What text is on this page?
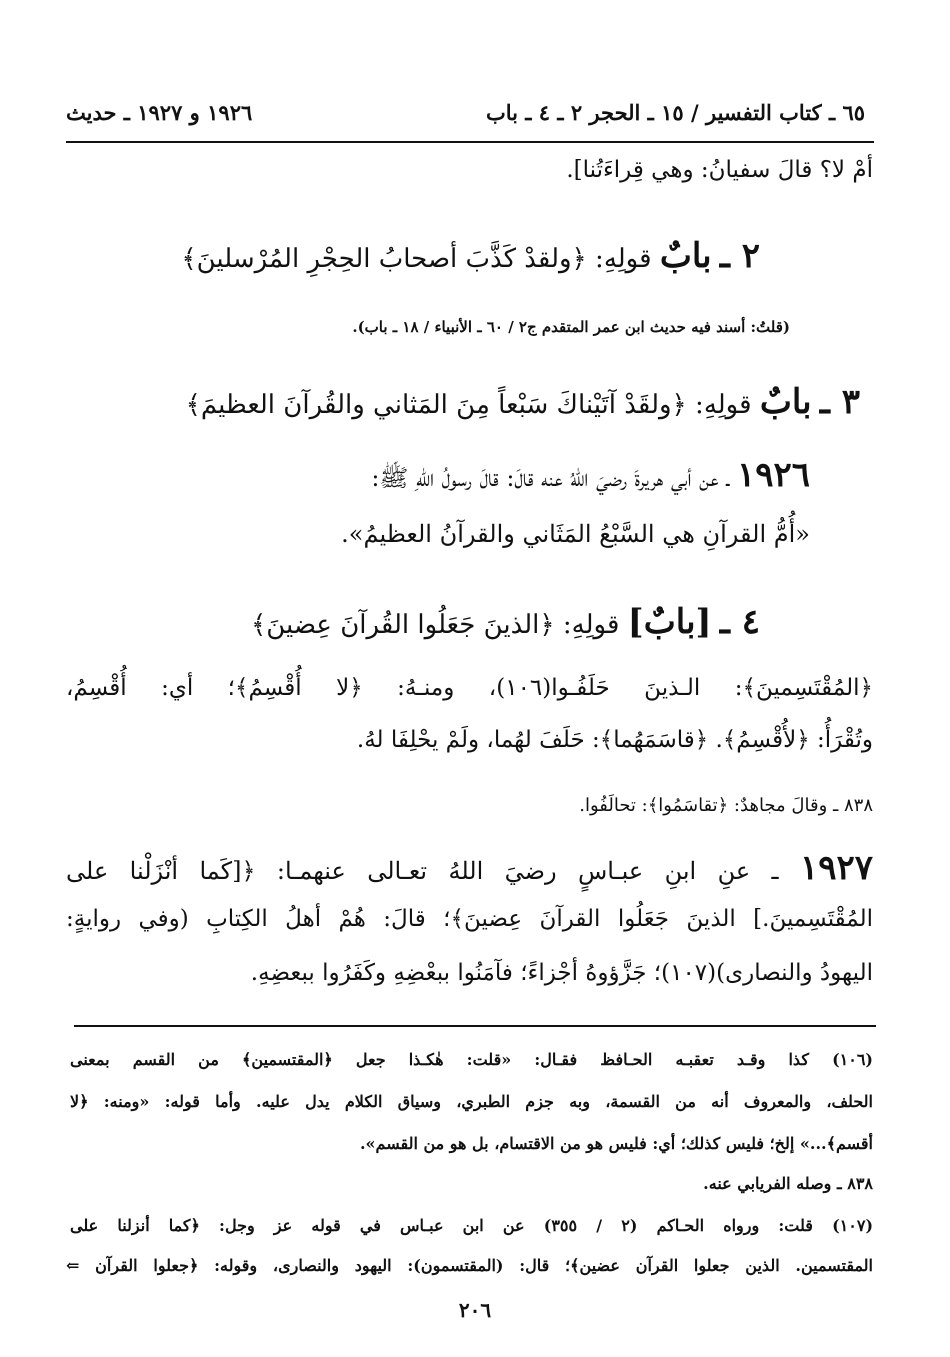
٦٥ ـ كتاب التفسير / ١٥ ـ الحجر ٢ ـ ٤ ـ باب
١٩٢٦ و ١٩٢٧ ـ حديث
أمْ لا؟ قالَ سفيانُ: وهي قِراءَتُنا].
٢ ـ بابٌ قولِهِ: ﴿ولقدْ كَذَّبَ أصحابُ الحِجْرِ المُرْسلينَ﴾
(قلتُ: أسند فيه حديث ابن عمر المتقدم ج٢ / ٦٠ ـ الأنبياء / ١٨ ـ باب).
٣ ـ بابٌ قولِهِ: ﴿ولقَدْ آتَيْناكَ سَبْعاً مِنَ المَثاني والقُرآنَ العظيمَ﴾
١٩٢٦ ـ عن أبي هريرةَ رضيَ اللهُ عنه قالَ: قالَ رسولُ اللهِ ﷺ:
«أُمُّ القرآنِ هي السَّبْعُ المَثَاني والقرآنُ العظيمُ».
٤ ـ [بابٌ] قولِهِ: ﴿الذينَ جَعَلُوا القُرآنَ عِضينَ﴾
﴿المُقْتَسِمينَ﴾: الـذينَ حَلَفُـوا(١٠٦)، ومنـهُ: ﴿لا أُقْسِمُ﴾؛ أي: أُقْسِمُ،
وتُقْرَأُ: ﴿لأُقْسِمُ﴾. ﴿قاسَمَهُما﴾: حَلَفَ لهُما، ولَمْ يحْلِفَا لهُ.
٨٣٨ ـ وقالَ مجاهدٌ: ﴿تقاسَمُوا﴾: تحالَفُوا.
١٩٢٧ ـ عنِ ابنِ عبـاسٍ رضيَ اللهُ تعـالى عنهمـا: ﴿[كَما أنْزَلْنا على
المُقْتَسِمينَ.] الذينَ جَعَلُوا القرآنَ عِضينَ﴾؛ قالَ: هُمْ أهلُ الكِتابِ (وفي روايةٍ:
اليهودُ والنصارى)(١٠٧)؛ جَزَّؤوهُ أجْزاءً؛ فآمَنُوا ببعْضِهِ وكَفَرُوا ببعضِهِ.
(١٠٦) كذا وقـد تعقبـه الحـافظ فقـال: «قلت: هٰكـذا جعل ﴿المقتسمين﴾ من القسم بمعنى
الحلف، والمعروف أنه من القسمة، وبه جزم الطبري، وسياق الكلام يدل عليه. وأما قوله: «ومنه: ﴿لا
أقسم﴾...» إلخ؛ فليس كذلك؛ أي: فليس هو من الاقتسام، بل هو من القسم».
٨٣٨ ـ وصله الفريابي عنه.
(١٠٧) قلت: ورواه الحـاكم (٢ / ٣٥٥) عن ابن عبـاس في قوله عز وجل: ﴿كما أنزلنا على
المقتسمين. الذين جعلوا القرآن عضين﴾؛ قال: (المقتسمون): اليهود والنصارى، وقوله: ﴿جعلوا القرآن ⇐
٢٠٦
